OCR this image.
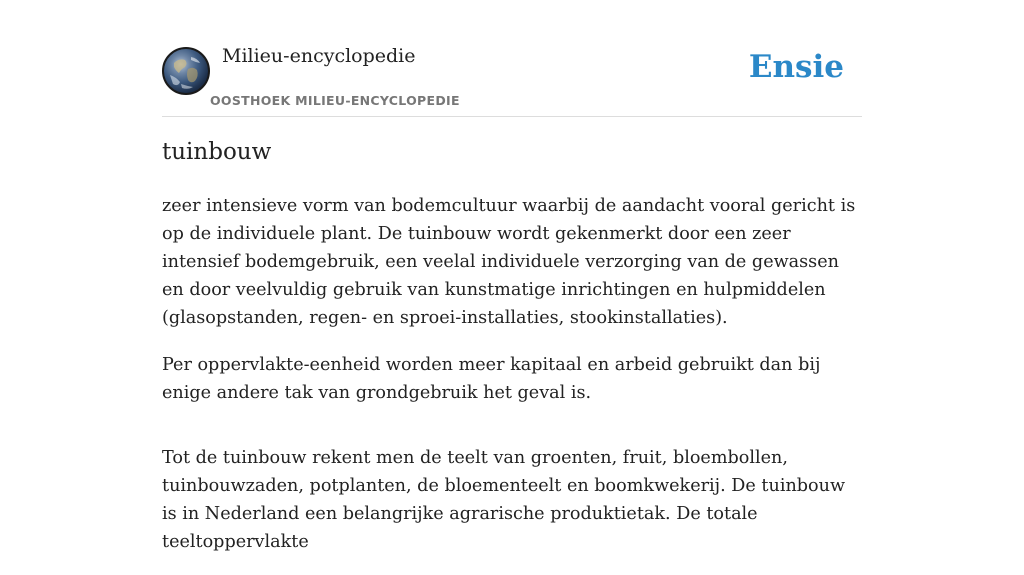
Milieu-encyclopedie
OOSTHOEK MILIEU-ENCYCLOPEDIE
Ensie
tuinbouw

zeer intensieve vorm van bodemcultuur waarbij de aandacht vooral gericht is op de individuele plant. De tuinbouw wordt gekenmerkt door een zeer intensief bodemgebruik, een veelal individuele verzorging van de gewassen en door veelvuldig gebruik van kunstmatige inrichtingen en hulpmiddelen (glasopstanden, regen- en sproei-installaties, stookinstallaties).

Per oppervlakte-eenheid worden meer kapitaal en arbeid gebruikt dan bij enige andere tak van grondgebruik het geval is.

Tot de tuinbouw rekent men de teelt van groenten, fruit, bloembollen, tuinbouwzaden, potplanten, de bloementeelt en boomkwekerij. De tuinbouw is in Nederland een belangrijke agrarische produktietak. De totale teeltoppervlakte
